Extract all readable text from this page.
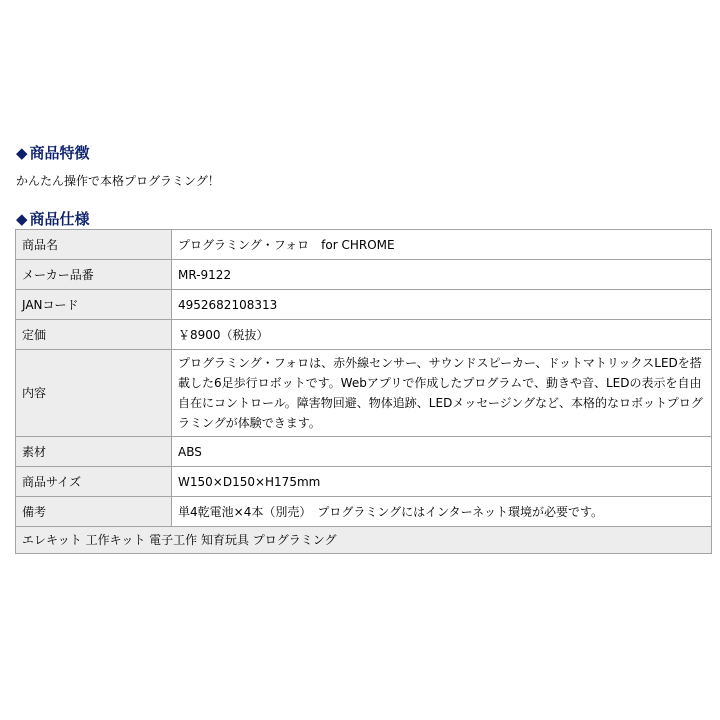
◆ 商品特徴

かんたん操作で本格プログラミング！

◆ 商品仕様
商品名	プログラミング・フォロ　for CHROME
メーカー品番	MR-9122
JANコード	4952682108313
定価	￥8900（税抜）
内容	プログラミング・フォロは、赤外線センサー、サウンドスピーカー、ドットマトリックスLEDを搭載した6足歩行ロボットです。Webアプリで作成したプログラムで、動きや音、LEDの表示を自由自在にコントロール。障害物回避、物体追跡、LEDメッセージングなど、本格的なロボットプログラミングが体験できます。
素材	ABS
商品サイズ	W150×D150×H175mm
備考	単4乾電池×4本（別売）　プログラミングにはインターネット環境が必要です。
エレキット 工作キット 電子工作 知育玩具 プログラミング	
